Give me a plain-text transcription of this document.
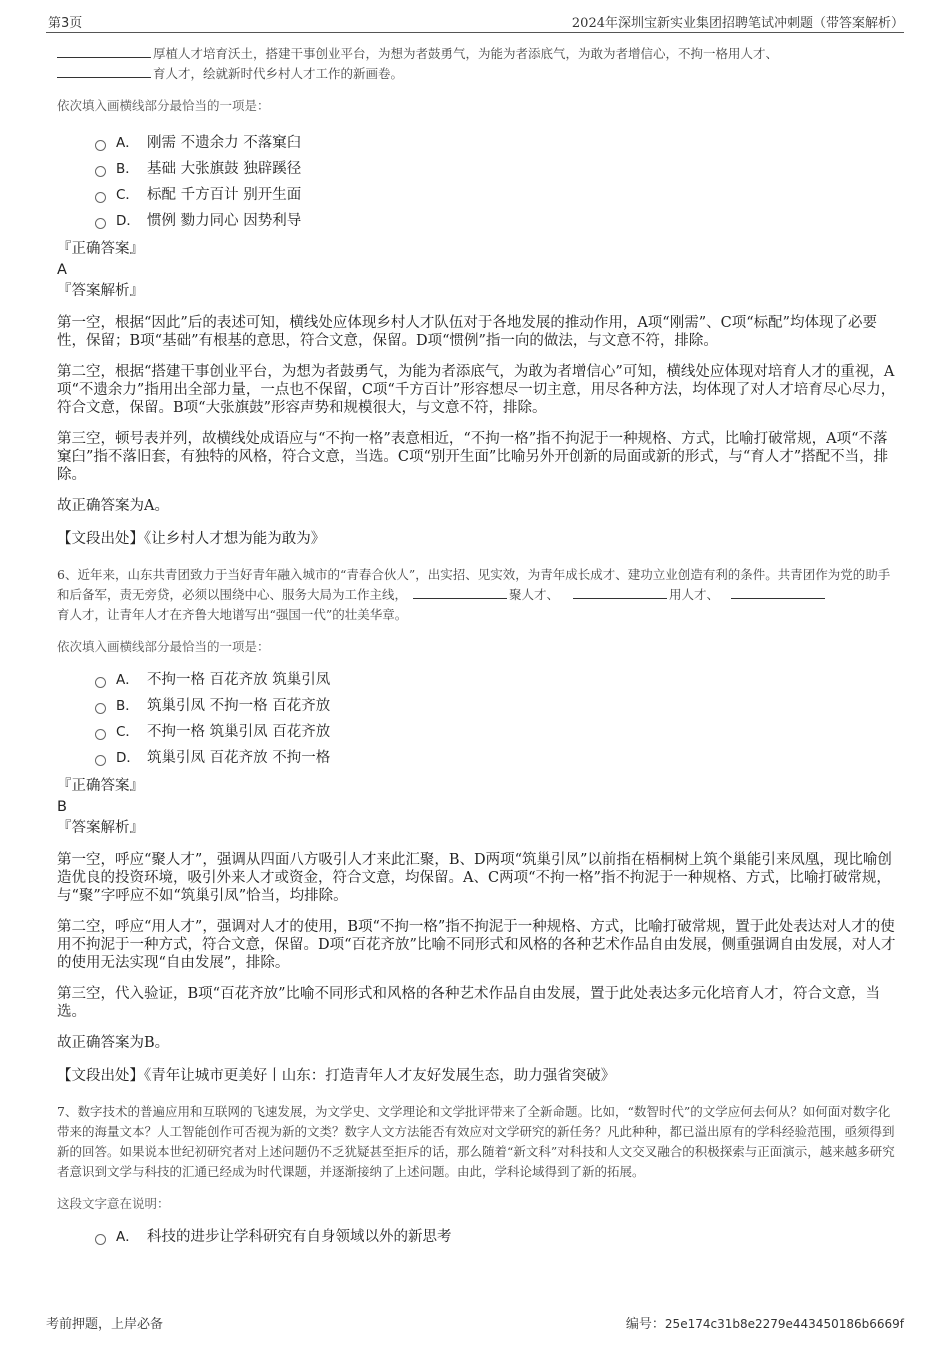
第3页	2024年深圳宝新实业集团招聘笔试冲刺题（带答案解析）
厚植人才培育沃土，搭建干事创业平台，为想为者鼓勇气，为能为者添底气，为敢为者增信心，不拘一格用人才、
育人才，绘就新时代乡村人才工作的新画卷。
依次填入画横线部分最恰当的一项是：
A． 刚需 不遗余力 不落窠臼
B． 基础 大张旗鼓 独辟蹊径
C． 标配 千方百计 别开生面
D． 惯例 勠力同心 因势利导
『正确答案』
A
『答案解析』
第一空，根据“因此”后的表述可知，横线处应体现乡村人才队伍对于各地发展的推动作用，A项“刚需”、C项“标配”均体现了必要性，保留；B项“基础”有根基的意思，符合文意，保留。D项“惯例”指一向的做法，与文意不符，排除。
第二空，根据“搭建干事创业平台，为想为者鼓勇气，为能为者添底气，为敢为者增信心”可知，横线处应体现对培育人才的重视，A项“不遗余力”指用出全部力量，一点也不保留，C项“千方百计”形容想尽一切主意，用尽各种方法，均体现了对人才培育尽心尽力，符合文意，保留。B项“大张旗鼓”形容声势和规模很大，与文意不符，排除。
第三空，顿号表并列，故横线处成语应与“不拘一格”表意相近，“不拘一格”指不拘泥于一种规格、方式，比喻打破常规，A项“不落窠臼”指不落旧套，有独特的风格，符合文意，当选。C项“别开生面”比喻另外开创新的局面或新的形式，与“育人才”搭配不当，排除。
故正确答案为A。
【文段出处】《让乡村人才想为能为敢为》
6、近年来，山东共青团致力于当好青年融入城市的“青春合伙人”，出实招、见实效，为青年成长成才、建功立业创造有利的条件。共青团作为党的助手和后备军，责无旁贷，必须以围绕中心、服务大局为工作主线，	聚人才、	用人才、
育人才，让青年人才在齐鲁大地谱写出“强国一代”的壮美华章。
依次填入画横线部分最恰当的一项是：
A． 不拘一格 百花齐放 筑巢引凤
B． 筑巢引凤 不拘一格 百花齐放
C． 不拘一格 筑巢引凤 百花齐放
D． 筑巢引凤 百花齐放 不拘一格
『正确答案』
B
『答案解析』
第一空，呼应“聚人才”，强调从四面八方吸引人才来此汇聚，B、D两项“筑巢引凤”以前指在梧桐树上筑个巢能引来凤凰，现比喻创造优良的投资环境，吸引外来人才或资金，符合文意，均保留。A、C两项“不拘一格”指不拘泥于一种规格、方式，比喻打破常规，与“聚”字呼应不如“筑巢引凤”恰当，均排除。
第二空，呼应“用人才”，强调对人才的使用，B项“不拘一格”指不拘泥于一种规格、方式，比喻打破常规，置于此处表达对人才的使用不拘泥于一种方式，符合文意，保留。D项“百花齐放”比喻不同形式和风格的各种艺术作品自由发展，侧重强调自由发展，对人才的使用无法实现“自由发展”，排除。
第三空，代入验证，B项“百花齐放”比喻不同形式和风格的各种艺术作品自由发展，置于此处表达多元化培育人才，符合文意，当选。
故正确答案为B。
【文段出处】《青年让城市更美好丨山东：打造青年人才友好发展生态，助力强省突破》
7、数字技术的普遍应用和互联网的飞速发展，为文学史、文学理论和文学批评带来了全新命题。比如，“数智时代”的文学应何去何从？如何面对数字化带来的海量文本？人工智能创作可否视为新的文类？数字人文方法能否有效应对文学研究的新任务？凡此种种，都已溢出原有的学科经验范围，亟须得到新的回答。如果说本世纪初研究者对上述问题仍不乏犹疑甚至拒斥的话，那么随着“新文科”对科技和人文交叉融合的积极探索与正面演示，越来越多研究者意识到文学与科技的汇通已经成为时代课题，并逐渐接纳了上述问题。由此，学科论域得到了新的拓展。
这段文字意在说明：
A． 科技的进步让学科研究有自身领域以外的新思考
考前押题，上岸必备	编号：25e174c31b8e2279e443450186b6669f
